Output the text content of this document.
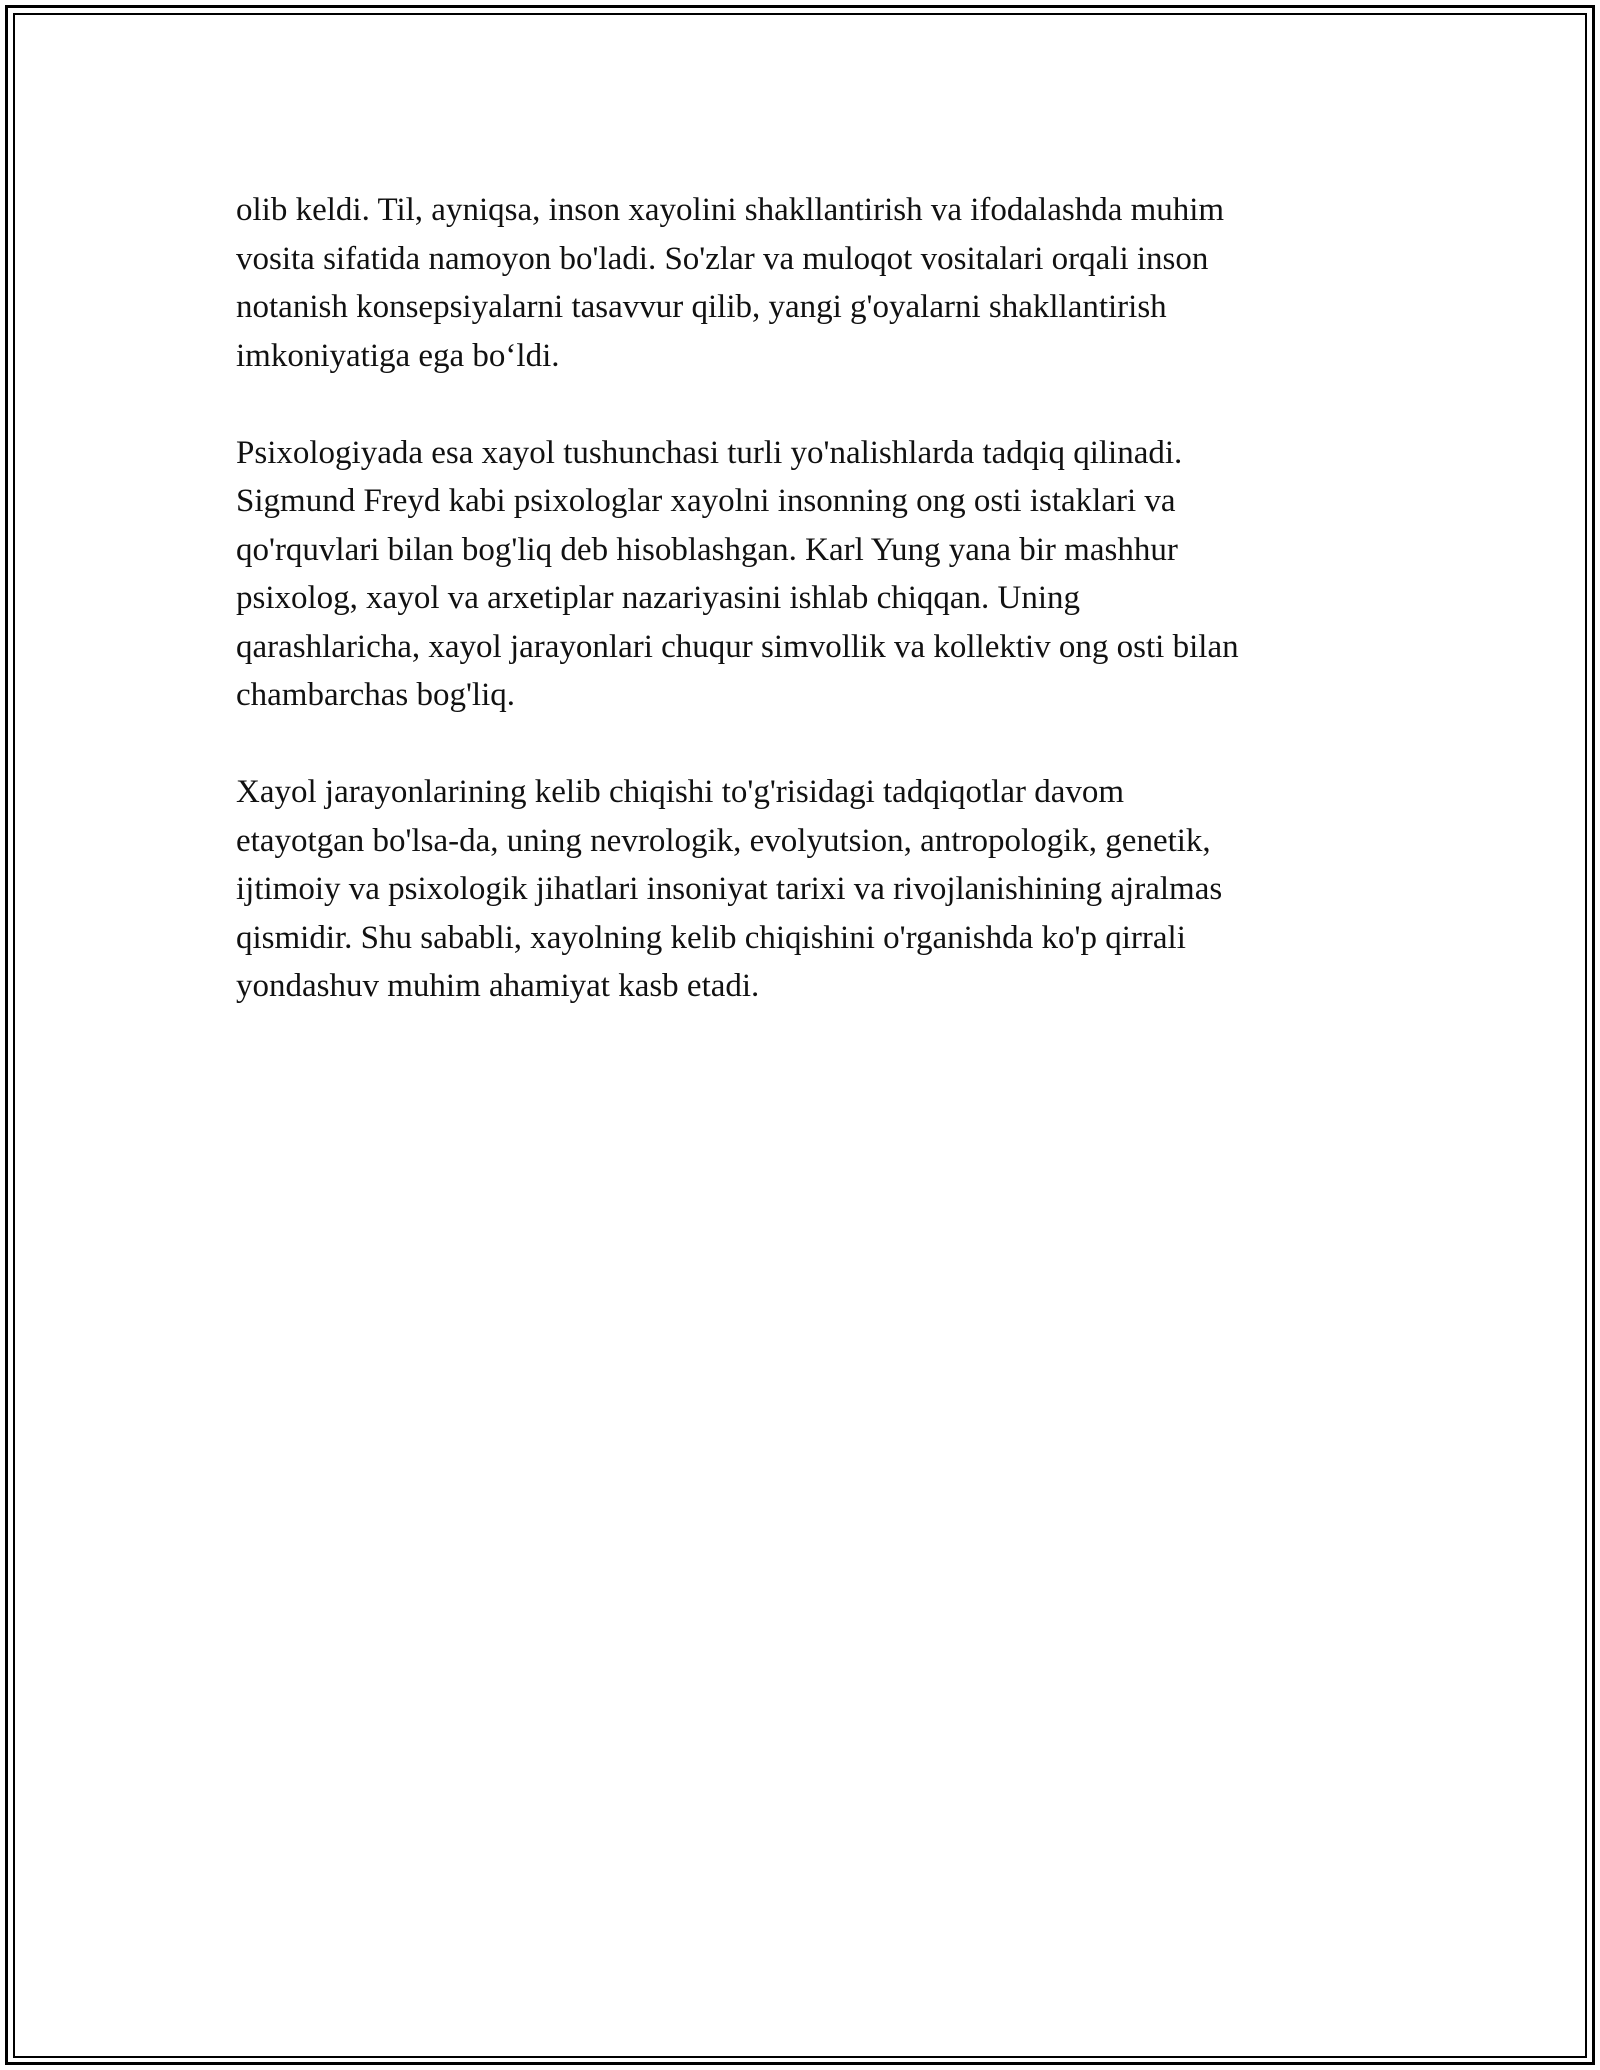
olib keldi. Til, ayniqsa, inson xayolini shakllantirish va ifodalashda muhim
vosita sifatida namoyon bo'ladi. So'zlar va muloqot vositalari orqali inson
notanish konsepsiyalarni tasavvur qilib, yangi g'oyalarni shakllantirish
imkoniyatiga ega bo‘ldi.

Psixologiyada esa xayol tushunchasi turli yo'nalishlarda tadqiq qilinadi.
Sigmund Freyd kabi psixologlar xayolni insonning ong osti istaklari va
qo'rquvlari bilan bog'liq deb hisoblashgan. Karl Yung yana bir mashhur
psixolog, xayol va arxetiplar nazariyasini ishlab chiqqan. Uning
qarashlaricha, xayol jarayonlari chuqur simvollik va kollektiv ong osti bilan
chambarchas bog'liq.

Xayol jarayonlarining kelib chiqishi to'g'risidagi tadqiqotlar davom
etayotgan bo'lsa-da, uning nevrologik, evolyutsion, antropologik, genetik,
ijtimoiy va psixologik jihatlari insoniyat tarixi va rivojlanishining ajralmas
qismidir. Shu sababli, xayolning kelib chiqishini o'rganishda ko'p qirrali
yondashuv muhim ahamiyat kasb etadi.
